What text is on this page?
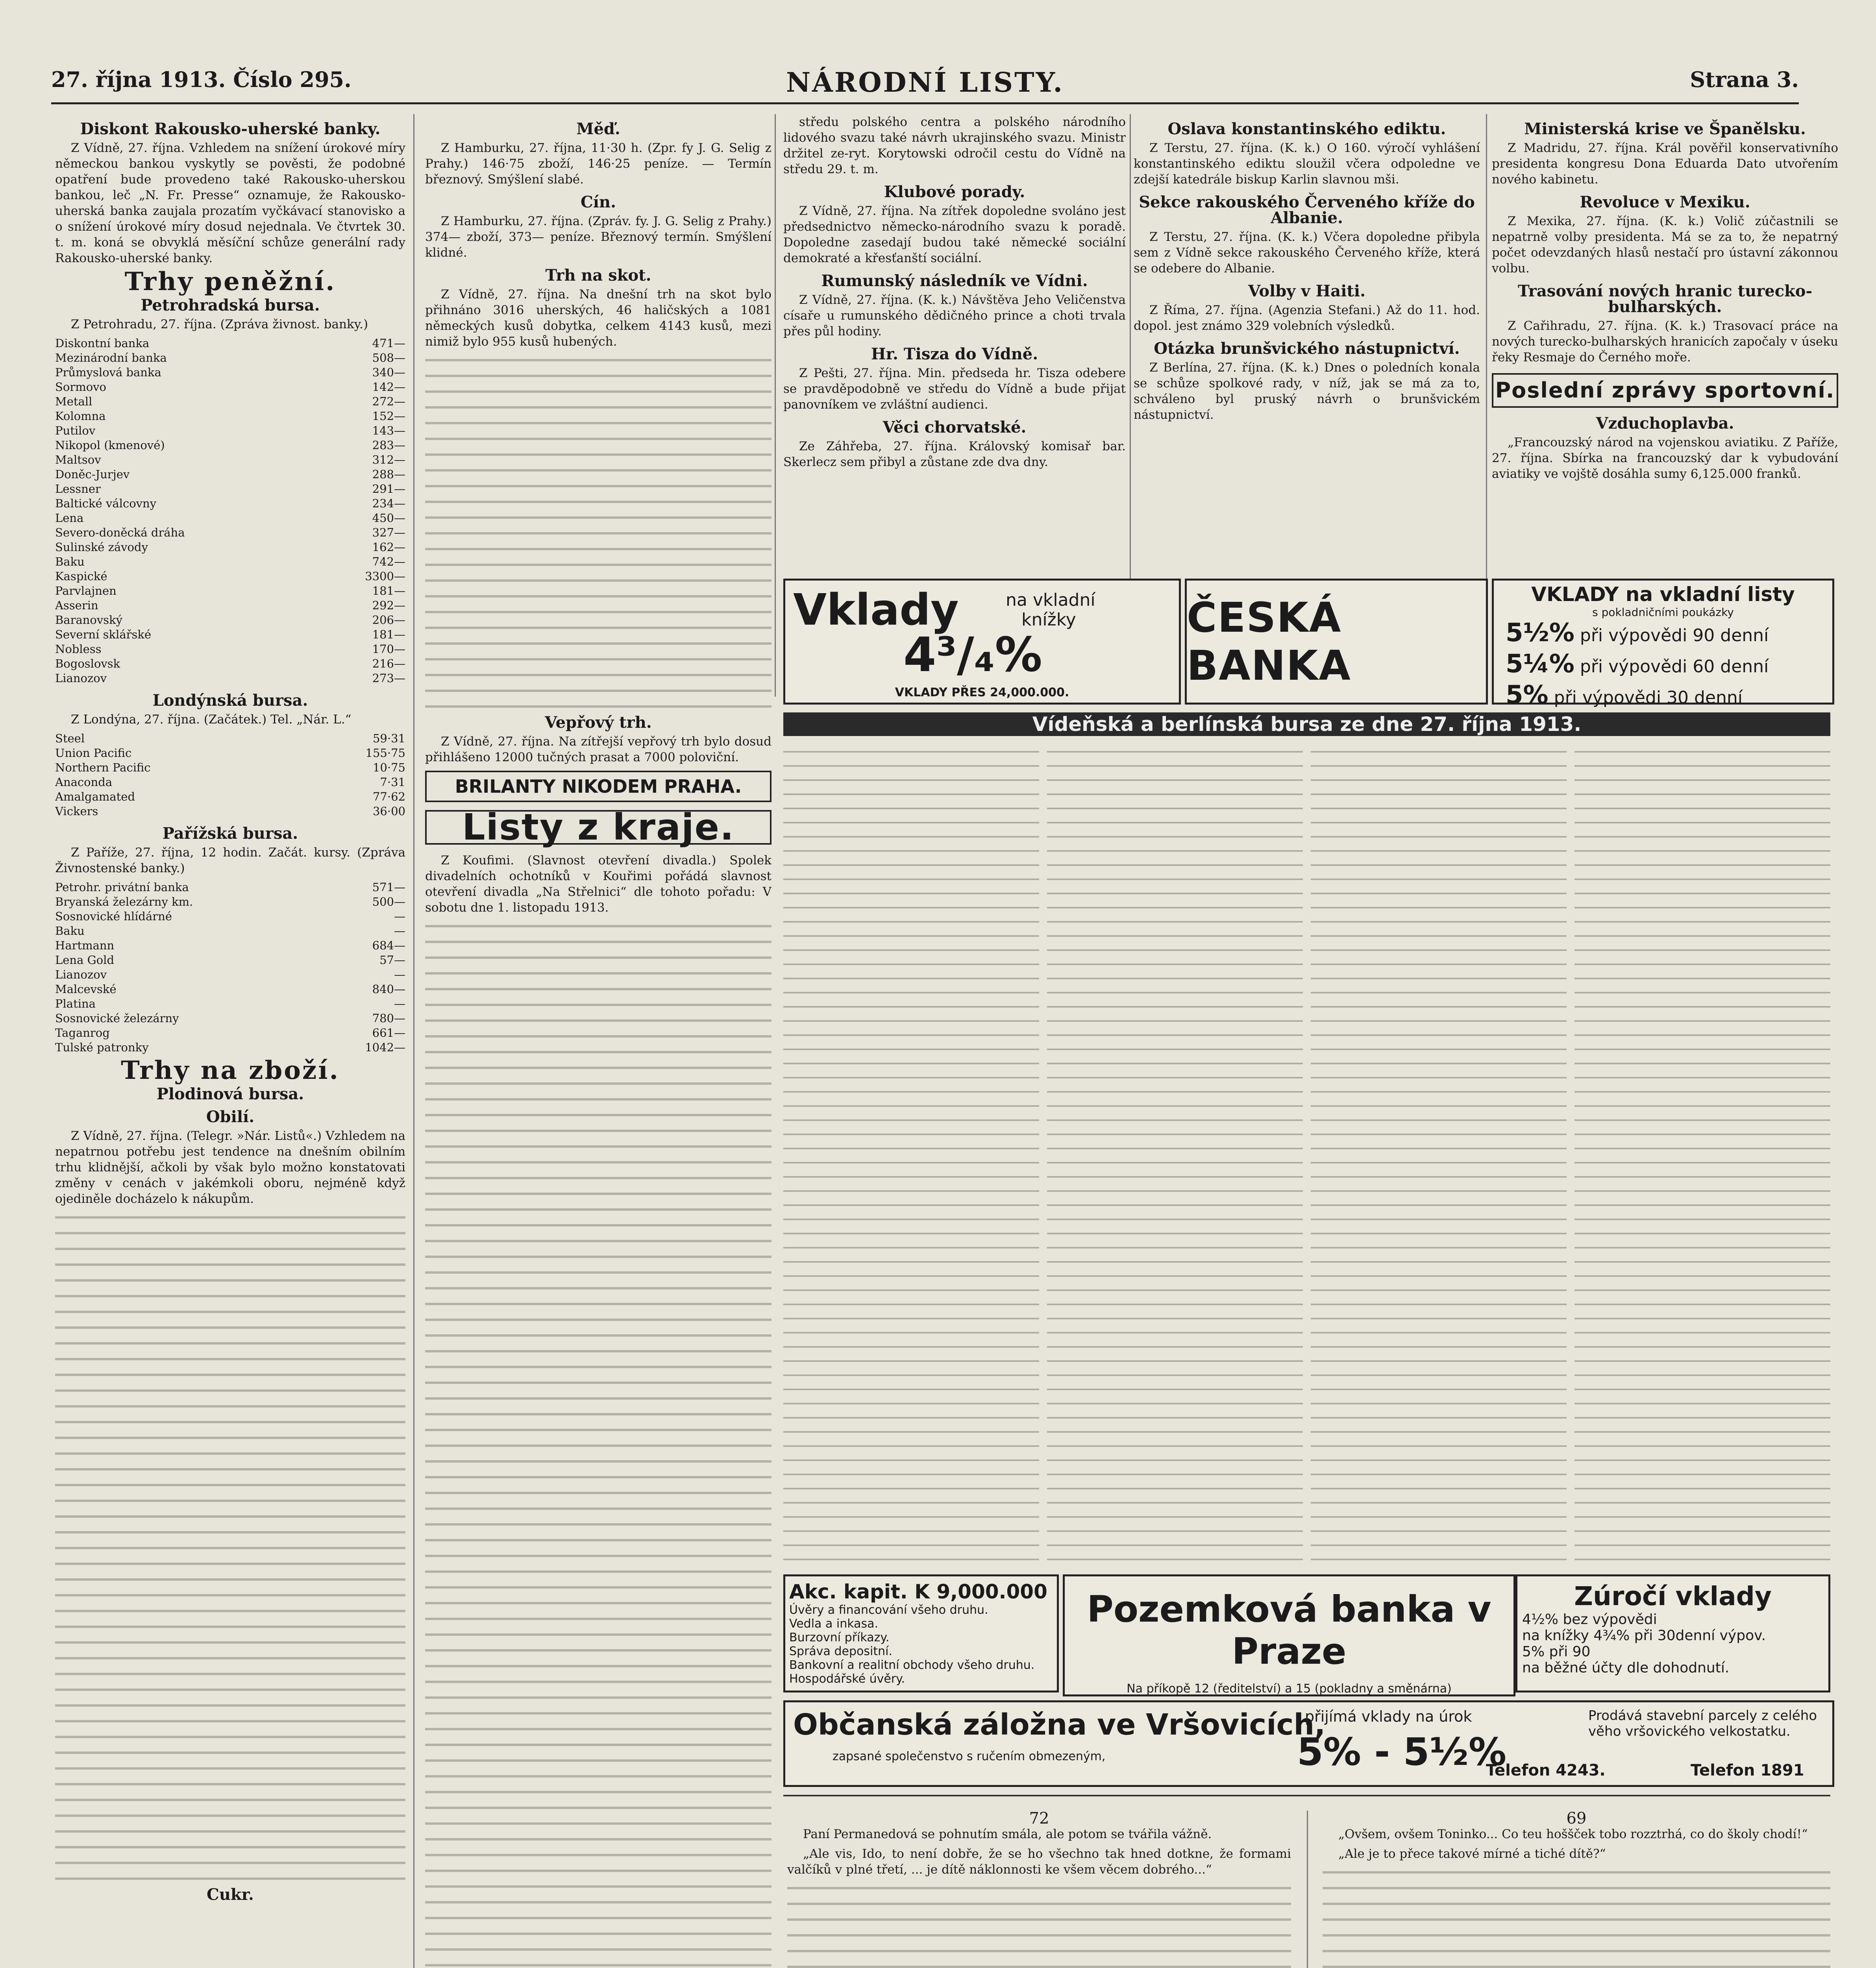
27. října 1913. Číslo 295.	NÁRODNÍ LISTY.	Strana 3.
Diskont Rakousko-uherské banky.

Z Vídně, 27. října. Vzhledem na snížení úrokové míry německou bankou vyskytly se pověsti, že podobné opatření bude provedeno také Rakousko-uherskou bankou, leč „N. Fr. Presse“ oznamuje, že Rakousko-uherská banka zaujala prozatím vyčkávací stanovisko a o snížení úrokové míry dosud nejednala. Ve čtvrtek 30. t. m. koná se obvyklá měsíční schůze generální rady Rakousko-uherské banky.

Trhy peněžní.
Petrohradská bursa.

Z Petrohradu, 27. října. (Zpráva živnost. banky.)

Diskontní banka	471—
Mezinárodní banka	508—
Průmyslová banka	340—
Sormovo	142—
Metall	272—
Kolomna	152—
Putilov	143—
Nikopol (kmenové)	283—
Maltsov	312—
Doněc-Jurjev	288—
Lessner	291—
Baltické válcovny	234—
Lena	450—
Severo-doněcká dráha	327—
Sulinské závody	162—
Baku	742—
Kaspické	3300—
Parvlajnen	181—
Asserin	292—
Baranovský	206—
Severní sklářské	181—
Nobless	170—
Bogoslovsk	216—
Lianozov	273—
Londýnská bursa.

Z Londýna, 27. října. (Začátek.) Tel. „Nár. L.“

Steel	59·31
Union Pacific	155·75
Northern Pacific	10·75
Anaconda	7·31
Amalgamated	77·62
Vickers	36·00
Pařížská bursa.

Z Paříže, 27. října, 12 hodin. Začát. kursy. (Zpráva Živnostenské banky.)

Petrohr. privátní banka	571—
Bryanská železárny km.	500—
Sosnovické hlídárné	—
Baku	—
Hartmann	684—
Lena Gold	57—
Lianozov	—
Malcevské	840—
Platina	—
Sosnovické železárny	780—
Taganrog	661—
Tulské patronky	1042—
Trhy na zboží.
Plodinová bursa.
Obilí.

Z Vídně, 27. října. (Telegr. »Nár. Listů«.) Vzhledem na nepatrnou potřebu jest tendence na dnešním obilním trhu klidnější, ačkoli by však bylo možno konstatovati změny v cenách v jakémkoli oboru, nejméně když ojediněle docházelo k nákupům.

Cukr.
Měď.

Z Hamburku, 27. října, 11·30 h. (Zpr. fy J. G. Selig z Prahy.) 146·75 zboží, 146·25 peníze. — Termín březnový. Smýšlení slabé.

Cín.

Z Hamburku, 27. října. (Zpráv. fy. J. G. Selig z Prahy.) 374— zboží, 373— peníze. Březnový termín. Smýšlení klidné.

Trh na skot.

Z Vídně, 27. října. Na dnešní trh na skot bylo přihnáno 3016 uherských, 46 haličských a 1081 německých kusů dobytka, celkem 4143 kusů, mezi nimiž bylo 955 kusů hubených.

Vepřový trh.

Z Vídně, 27. října. Na zítřejší vepřový trh bylo dosud přihlášeno 12000 tučných prasat a 7000 poloviční.

BRILANTY NIKODEM PRAHA.
Listy z kraje.

Z Koufimi. (Slavnost otevření divadla.) Spolek divadelních ochotníků v Kouřimi pořádá slavnost otevření divadla „Na Střelnici“ dle tohoto pořadu: V sobotu dne 1. listopadu 1913.

středu polského centra a polského národního lidového svazu také návrh ukrajinského svazu. Ministr držitel ze-ryt. Korytowski odročil cestu do Vídně na středu 29. t. m.

Klubové porady.

Z Vídně, 27. října. Na zítřek dopoledne svoláno jest předsednictvo německo-národního svazu k poradě. Dopoledne zasedají budou také německé sociální demokraté a křesťanští sociální.

Rumunský následník ve Vídni.

Z Vídně, 27. října. (K. k.) Návštěva Jeho Veličenstva císaře u rumunského dědičného prince a choti trvala přes půl hodiny.

Hr. Tisza do Vídně.

Z Pešti, 27. října. Min. předseda hr. Tisza odebere se pravděpodobně ve středu do Vídně a bude přijat panovníkem ve zvláštní audienci.

Věci chorvatské.

Ze Záhřeba, 27. října. Královský komisař bar. Skerlecz sem přibyl a zůstane zde dva dny.

Oslava konstantinského ediktu.

Z Terstu, 27. října. (K. k.) O 160. výročí vyhlášení konstantinského ediktu sloužil včera odpoledne ve zdejší katedrále biskup Karlin slavnou mši.

Sekce rakouského Červeného kříže do Albanie.

Z Terstu, 27. října. (K. k.) Včera dopoledne přibyla sem z Vídně sekce rakouského Červeného kříže, která se odebere do Albanie.

Volby v Haiti.

Z Říma, 27. října. (Agenzia Stefani.) Až do 11. hod. dopol. jest známo 329 volebních výsledků.

Otázka brunšvického nástupnictví.

Z Berlína, 27. října. (K. k.) Dnes o poledních konala se schůze spolkové rady, v níž, jak se má za to, schváleno byl pruský návrh o brunšvickém nástupnictví.

Ministerská krise ve Španělsku.

Z Madridu, 27. října. Král pověřil konservativního presidenta kongresu Dona Eduarda Dato utvořením nového kabinetu.

Revoluce v Mexiku.

Z Mexika, 27. října. (K. k.) Volič zúčastnili se nepatrně volby presidenta. Má se za to, že nepatrný počet odevzdaných hlasů nestačí pro ústavní zákonnou volbu.

Trasování nových hranic turecko-bulharských.

Z Cařihradu, 27. října. (K. k.) Trasovací práce na nových turecko-bulharských hranicích započaly v úseku řeky Resmaje do Černého moře.

Poslední zprávy sportovní.
Vzduchoplavba.

„Francouzský národ na vojenskou aviatiku. Z Paříže, 27. října. Sbírka na francouzský dar k vybudování aviatiky ve vojště dosáhla sumy 6,125.000 franků.

Vklady	na vkladní
knížky
4³/₄%
VKLADY PŘES 24,000.000.
ČESKÁ BANKA
VKLADY na vkladní listy
s pokladničními poukázky
5½% při výpovědi 90 denní
5¼% při výpovědi 60 denní
5% při výpovědi 30 denní
Vídeňská a berlínská bursa ze dne 27. října 1913.
Akc. kapit. K 9,000.000
Úvěry a financování všeho druhu.
Vedla a inkasa.
Burzovní příkazy.
Správa depositní.
Bankovní a realitní obchody všeho druhu. Hospodářské úvěry.
Pozemková banka v Praze
Na příkopě 12 (ředitelství) a 15 (pokladny a směnárna)
Zúročí vklady
4½% bez výpovědi
na knížky 4¾% při 30denní výpov.
5% při 90
na běžné účty dle dohodnutí.
Občanská záložna ve Vršovicích,
zapsané společenstvo s ručením obmezeným,
přijímá vklady na úrok
5% - 5½%
Prodává stavební parcely z celého věho vršovického velkostatku.
Telefon 4243.	Telefon 1891
72

Paní Permanedová se pohnutím smála, ale potom se tvářila vážně.

„Ale vis, Ido, to není dobře, že se ho všechno tak hned dotkne, že formami valčíků v plné třetí, ... je dítě náklonnosti ke všem věcem dobrého...“

69

„Ovšem, ovšem Toninko... Co teu hoššček tobo rozztrhá, co do školy chodí!“

„Ale je to přece takové mírné a tiché dítě?“
